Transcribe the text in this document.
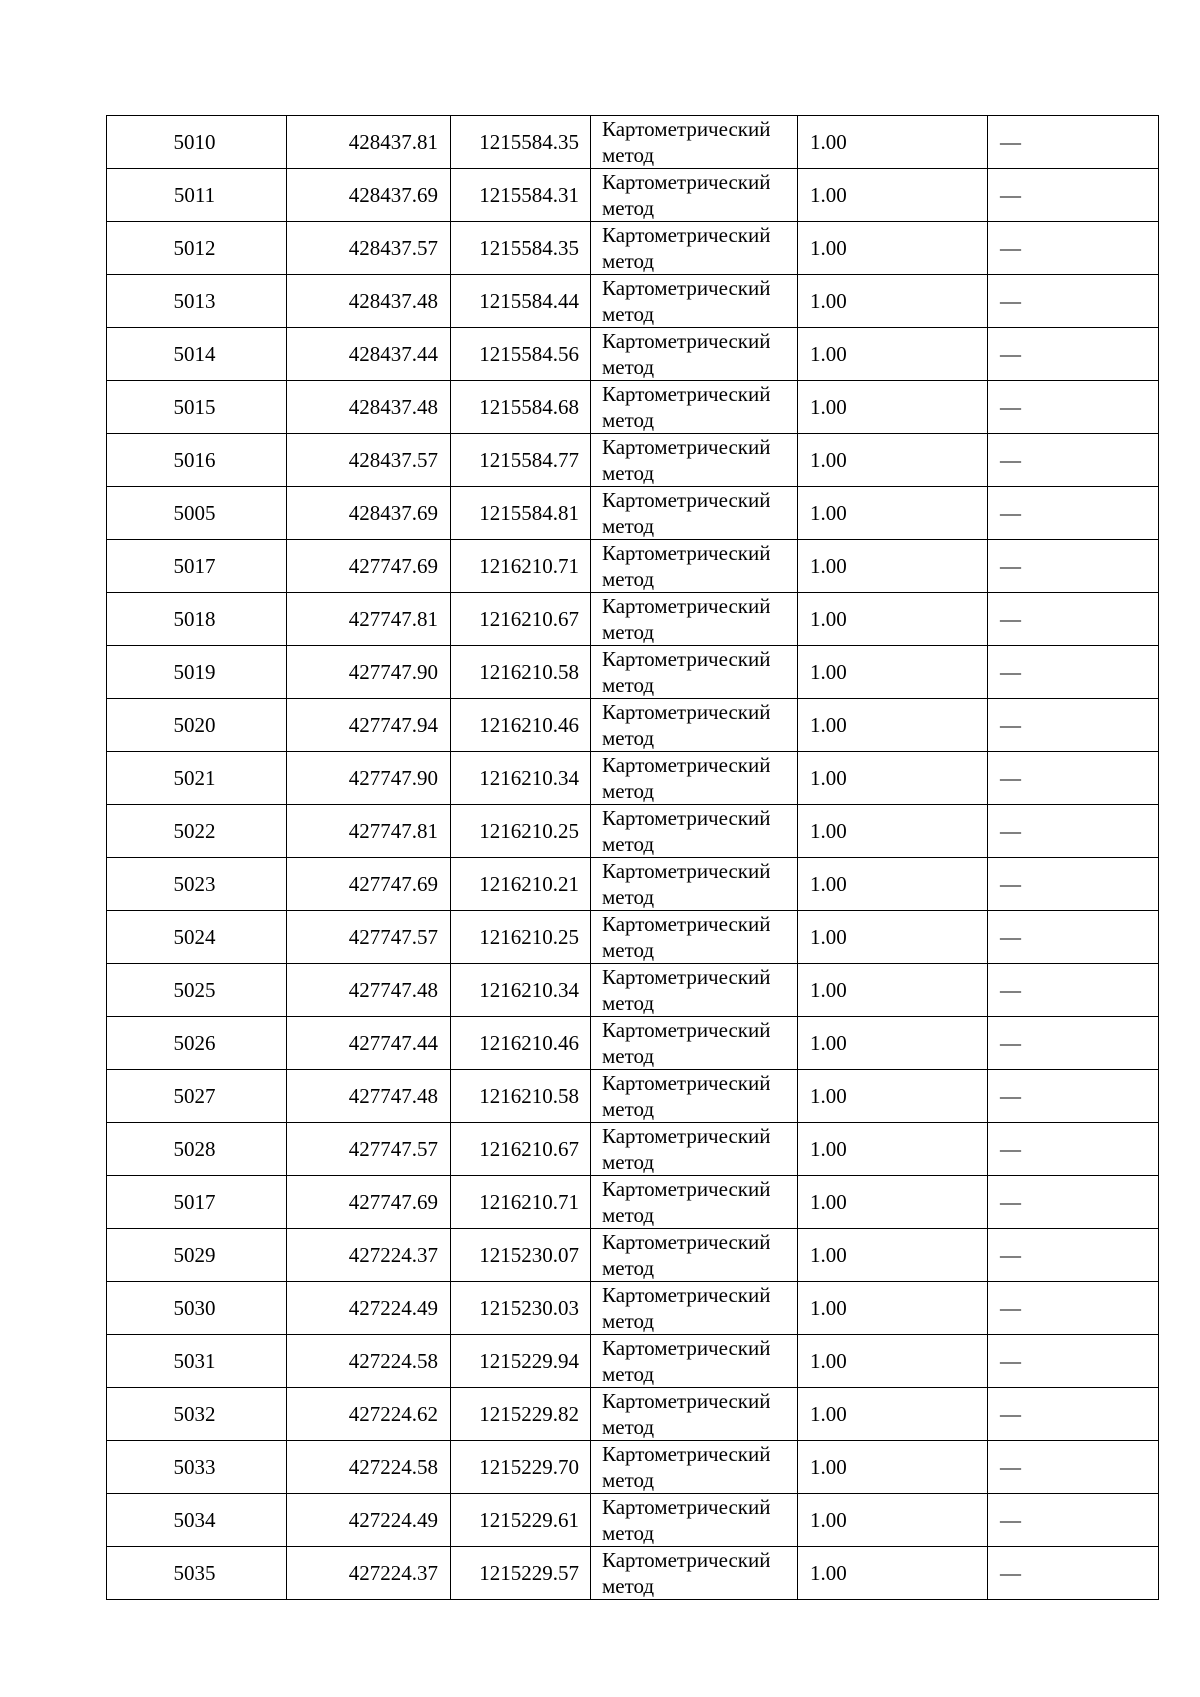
5010	428437.81	1215584.35	Картометрический метод	1.00	—
5011	428437.69	1215584.31	Картометрический метод	1.00	—
5012	428437.57	1215584.35	Картометрический метод	1.00	—
5013	428437.48	1215584.44	Картометрический метод	1.00	—
5014	428437.44	1215584.56	Картометрический метод	1.00	—
5015	428437.48	1215584.68	Картометрический метод	1.00	—
5016	428437.57	1215584.77	Картометрический метод	1.00	—
5005	428437.69	1215584.81	Картометрический метод	1.00	—
5017	427747.69	1216210.71	Картометрический метод	1.00	—
5018	427747.81	1216210.67	Картометрический метод	1.00	—
5019	427747.90	1216210.58	Картометрический метод	1.00	—
5020	427747.94	1216210.46	Картометрический метод	1.00	—
5021	427747.90	1216210.34	Картометрический метод	1.00	—
5022	427747.81	1216210.25	Картометрический метод	1.00	—
5023	427747.69	1216210.21	Картометрический метод	1.00	—
5024	427747.57	1216210.25	Картометрический метод	1.00	—
5025	427747.48	1216210.34	Картометрический метод	1.00	—
5026	427747.44	1216210.46	Картометрический метод	1.00	—
5027	427747.48	1216210.58	Картометрический метод	1.00	—
5028	427747.57	1216210.67	Картометрический метод	1.00	—
5017	427747.69	1216210.71	Картометрический метод	1.00	—
5029	427224.37	1215230.07	Картометрический метод	1.00	—
5030	427224.49	1215230.03	Картометрический метод	1.00	—
5031	427224.58	1215229.94	Картометрический метод	1.00	—
5032	427224.62	1215229.82	Картометрический метод	1.00	—
5033	427224.58	1215229.70	Картометрический метод	1.00	—
5034	427224.49	1215229.61	Картометрический метод	1.00	—
5035	427224.37	1215229.57	Картометрический метод	1.00	—
